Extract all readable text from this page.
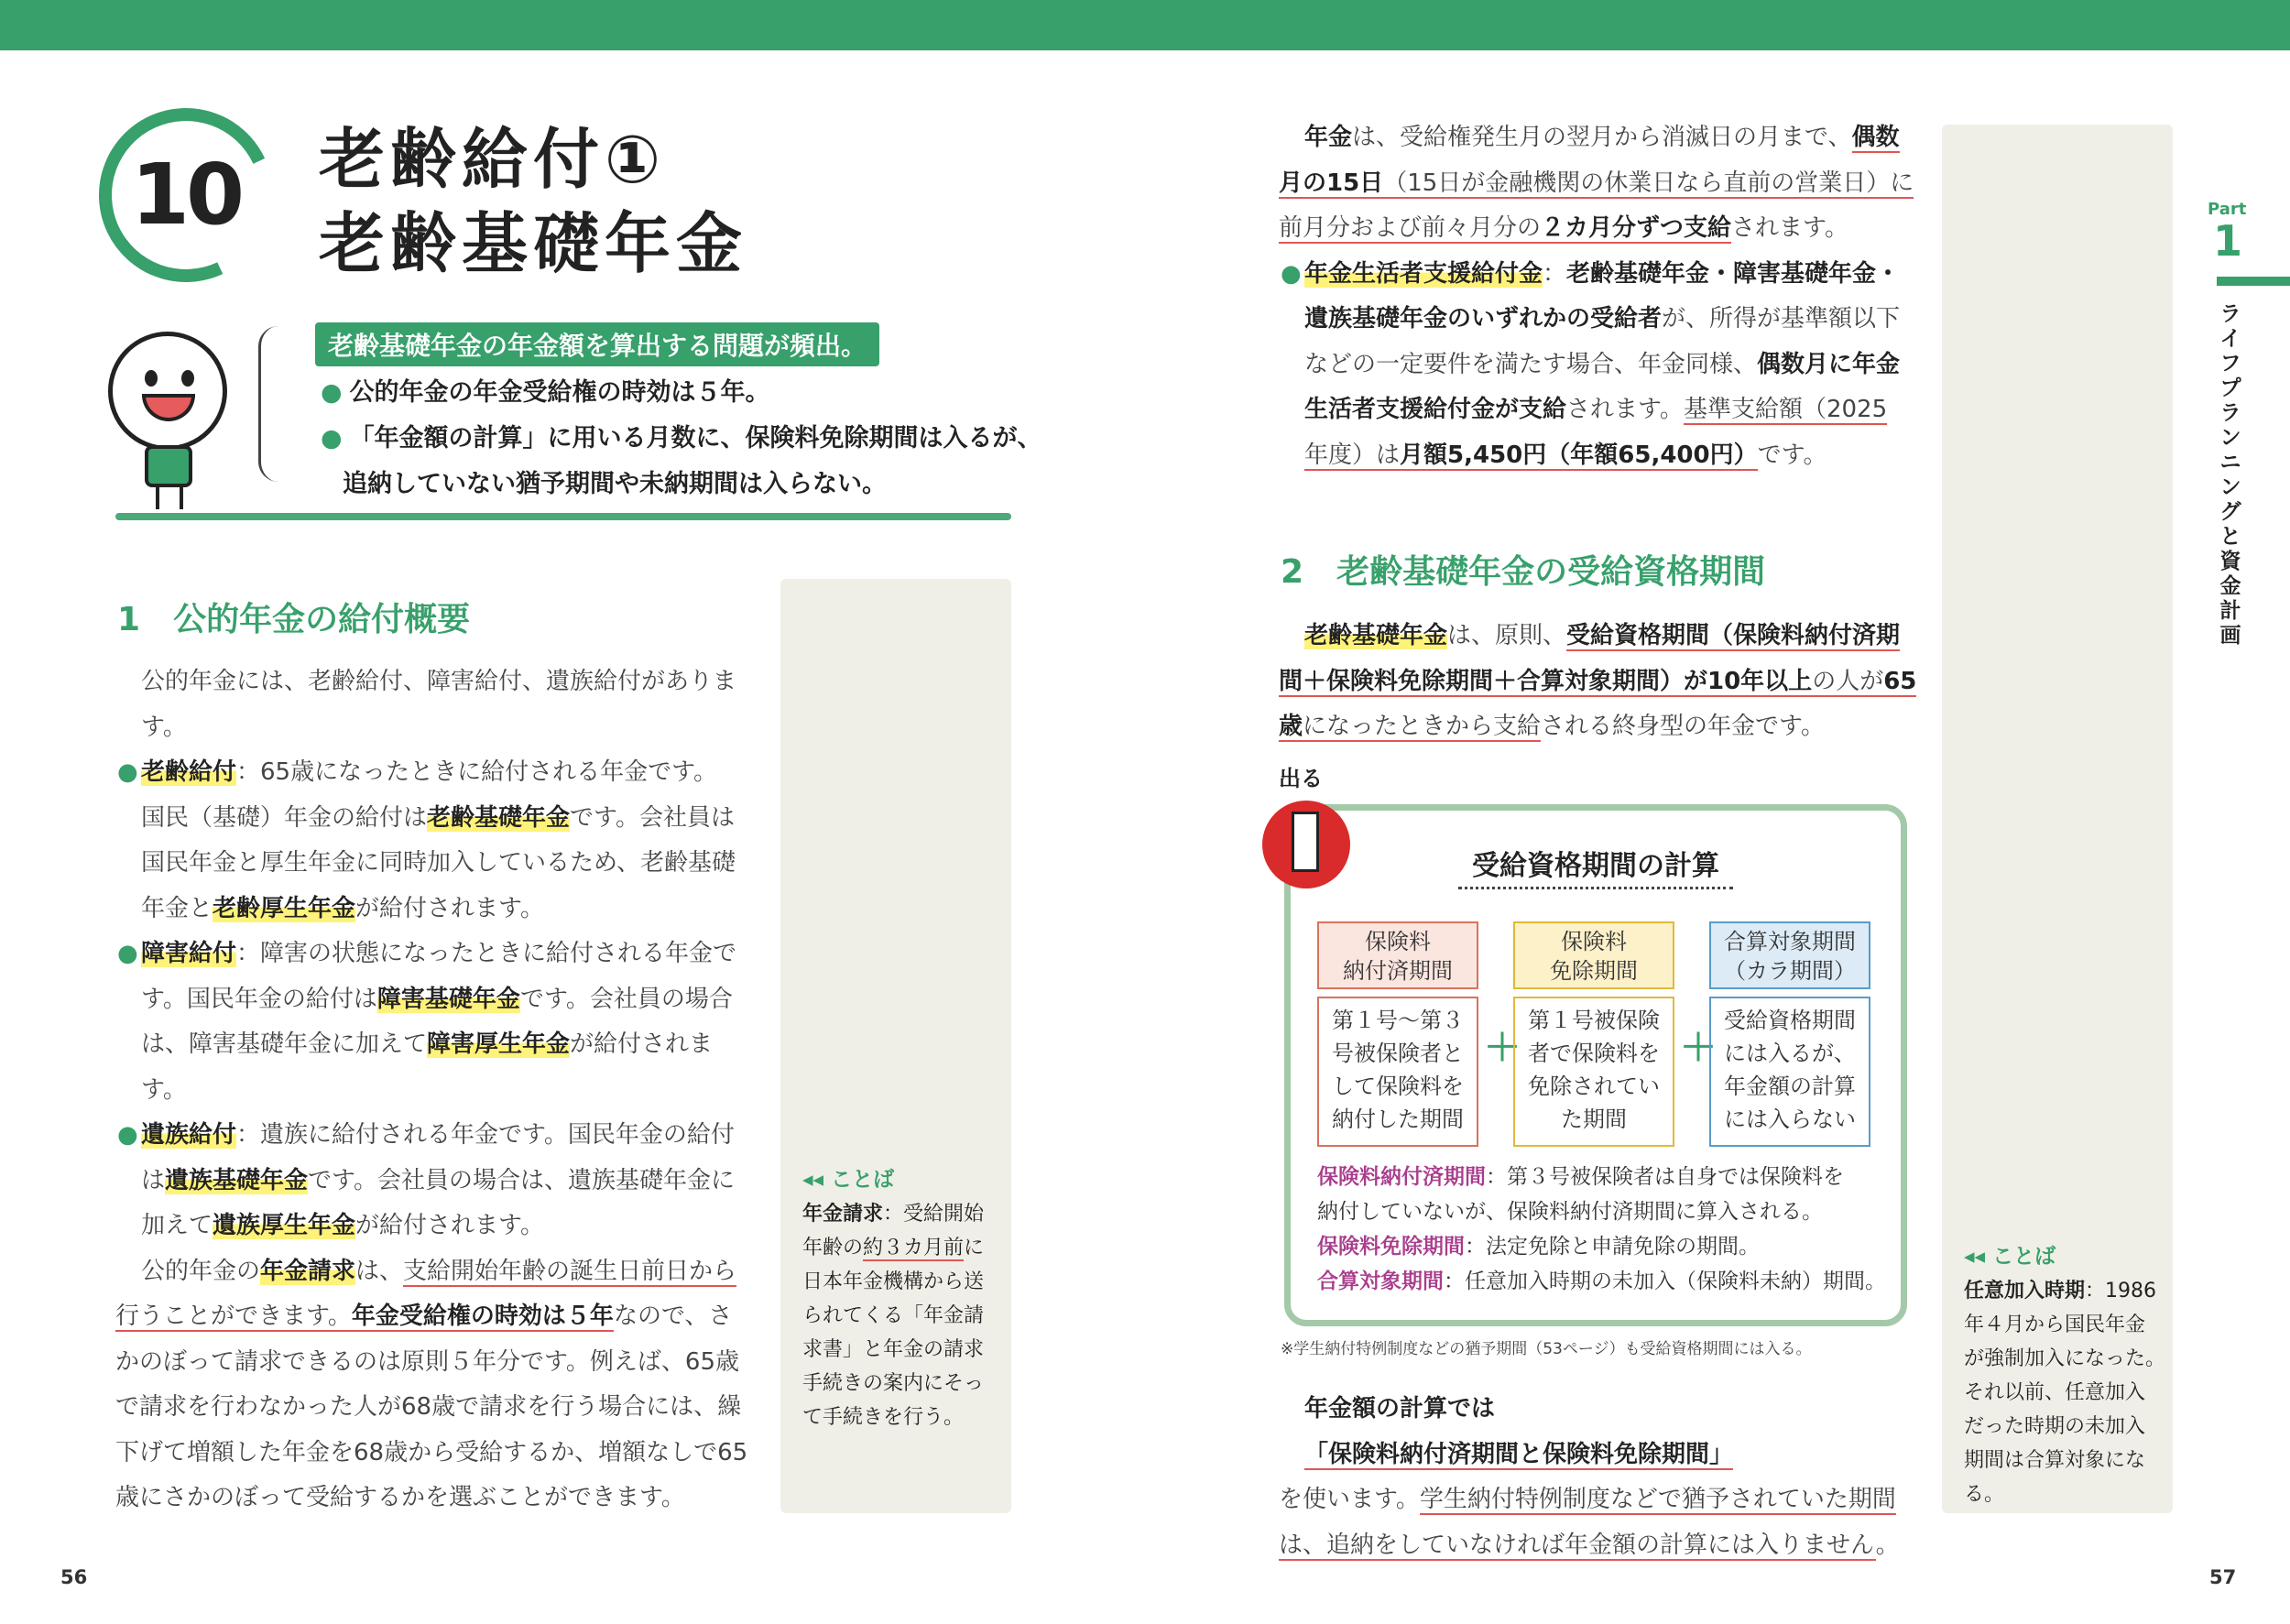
10	老齢給付①
老齢基礎年金
老齢基礎年金の年金額を算出する問題が頻出。
● 公的年金の年金受給権の時効は５年。
● 「年金額の計算」に用いる月数に、保険料免除期間は入るが、
追納していない猶予期間や未納期間は入らない。
1 公的年金の給付概要

公的年金には、老齢給付、障害給付、遺族給付があります。

● 老齢給付：65歳になったときに給付される年金です。

国民（基礎）年金の給付は老齢基礎年金です。会社員は

国民年金と厚生年金に同時加入しているため、老齢基礎

年金と老齢厚生年金が給付されます。

● 障害給付：障害の状態になったときに給付される年金で

す。国民年金の給付は障害基礎年金です。会社員の場合

は、障害基礎年金に加えて障害厚生年金が給付されます。

● 遺族給付：遺族に給付される年金です。国民年金の給付

は遺族基礎年金です。会社員の場合は、遺族基礎年金に

加えて遺族厚生年金が給付されます。

公的年金の年金請求は、支給開始年齢の誕生日前日から

行うことができます。年金受給権の時効は５年なので、さ

かのぼって請求できるのは原則５年分です。例えば、65歳

で請求を行わなかった人が68歳で請求を行う場合には、繰

下げて増額した年金を68歳から受給するか、増額なしで65

歳にさかのぼって受給するかを選ぶことができます。

◂◂ ことば
年金請求：受給開始
年齢の約３カ月前に
日本年金機構から送
られてくる「年金請
求書」と年金の請求
手続きの案内にそっ
て手続きを行う。

年金は、受給権発生月の翌月から消滅日の月まで、偶数

月の15日（15日が金融機関の休業日なら直前の営業日）に

前月分および前々月分の２カ月分ずつ支給されます。

● 年金生活者支援給付金：老齢基礎年金・障害基礎年金・

遺族基礎年金のいずれかの受給者が、所得が基準額以下

などの一定要件を満たす場合、年金同様、偶数月に年金

生活者支援給付金が支給されます。基準支給額（2025

年度）は月額5,450円（年額65,400円）です。

2 老齢基礎年金の受給資格期間

老齢基礎年金は、原則、受給資格期間（保険料納付済期

間＋保険料免除期間＋合算対象期間）が10年以上の人が65

歳になったときから支給される終身型の年金です。

出る
受給資格期間の計算
保険料
納付済期間
第１号～第３
号被保険者と
して保険料を
納付した期間
＋
保険料
免除期間
第１号被保険
者で保険料を
免除されてい
た期間
＋
合算対象期間
（カラ期間）
受給資格期間
には入るが、
年金額の計算
には入らない
保険料納付済期間：第３号被保険者は自身では保険料を
納付していないが、保険料納付済期間に算入される。
保険料免除期間：法定免除と申請免除の期間。
合算対象期間：任意加入時期の未加入（保険料未納）期間。
※学生納付特例制度などの猶予期間（53ページ）も受給資格期間には入る。

年金額の計算では「保険料納付済期間と保険料免除期間」

を使います。学生納付特例制度などで猶予されていた期間

は、追納をしていなければ年金額の計算には入りません。

◂◂ ことば
任意加入時期：1986
年４月から国民年金
が強制加入になった。
それ以前、任意加入
だった時期の未加入
期間は合算対象にな
る。
Part
1
ラ
イ
フ
プ
ラ
ン
ニ
ン
グ
と
資
金
計
画
56	57
